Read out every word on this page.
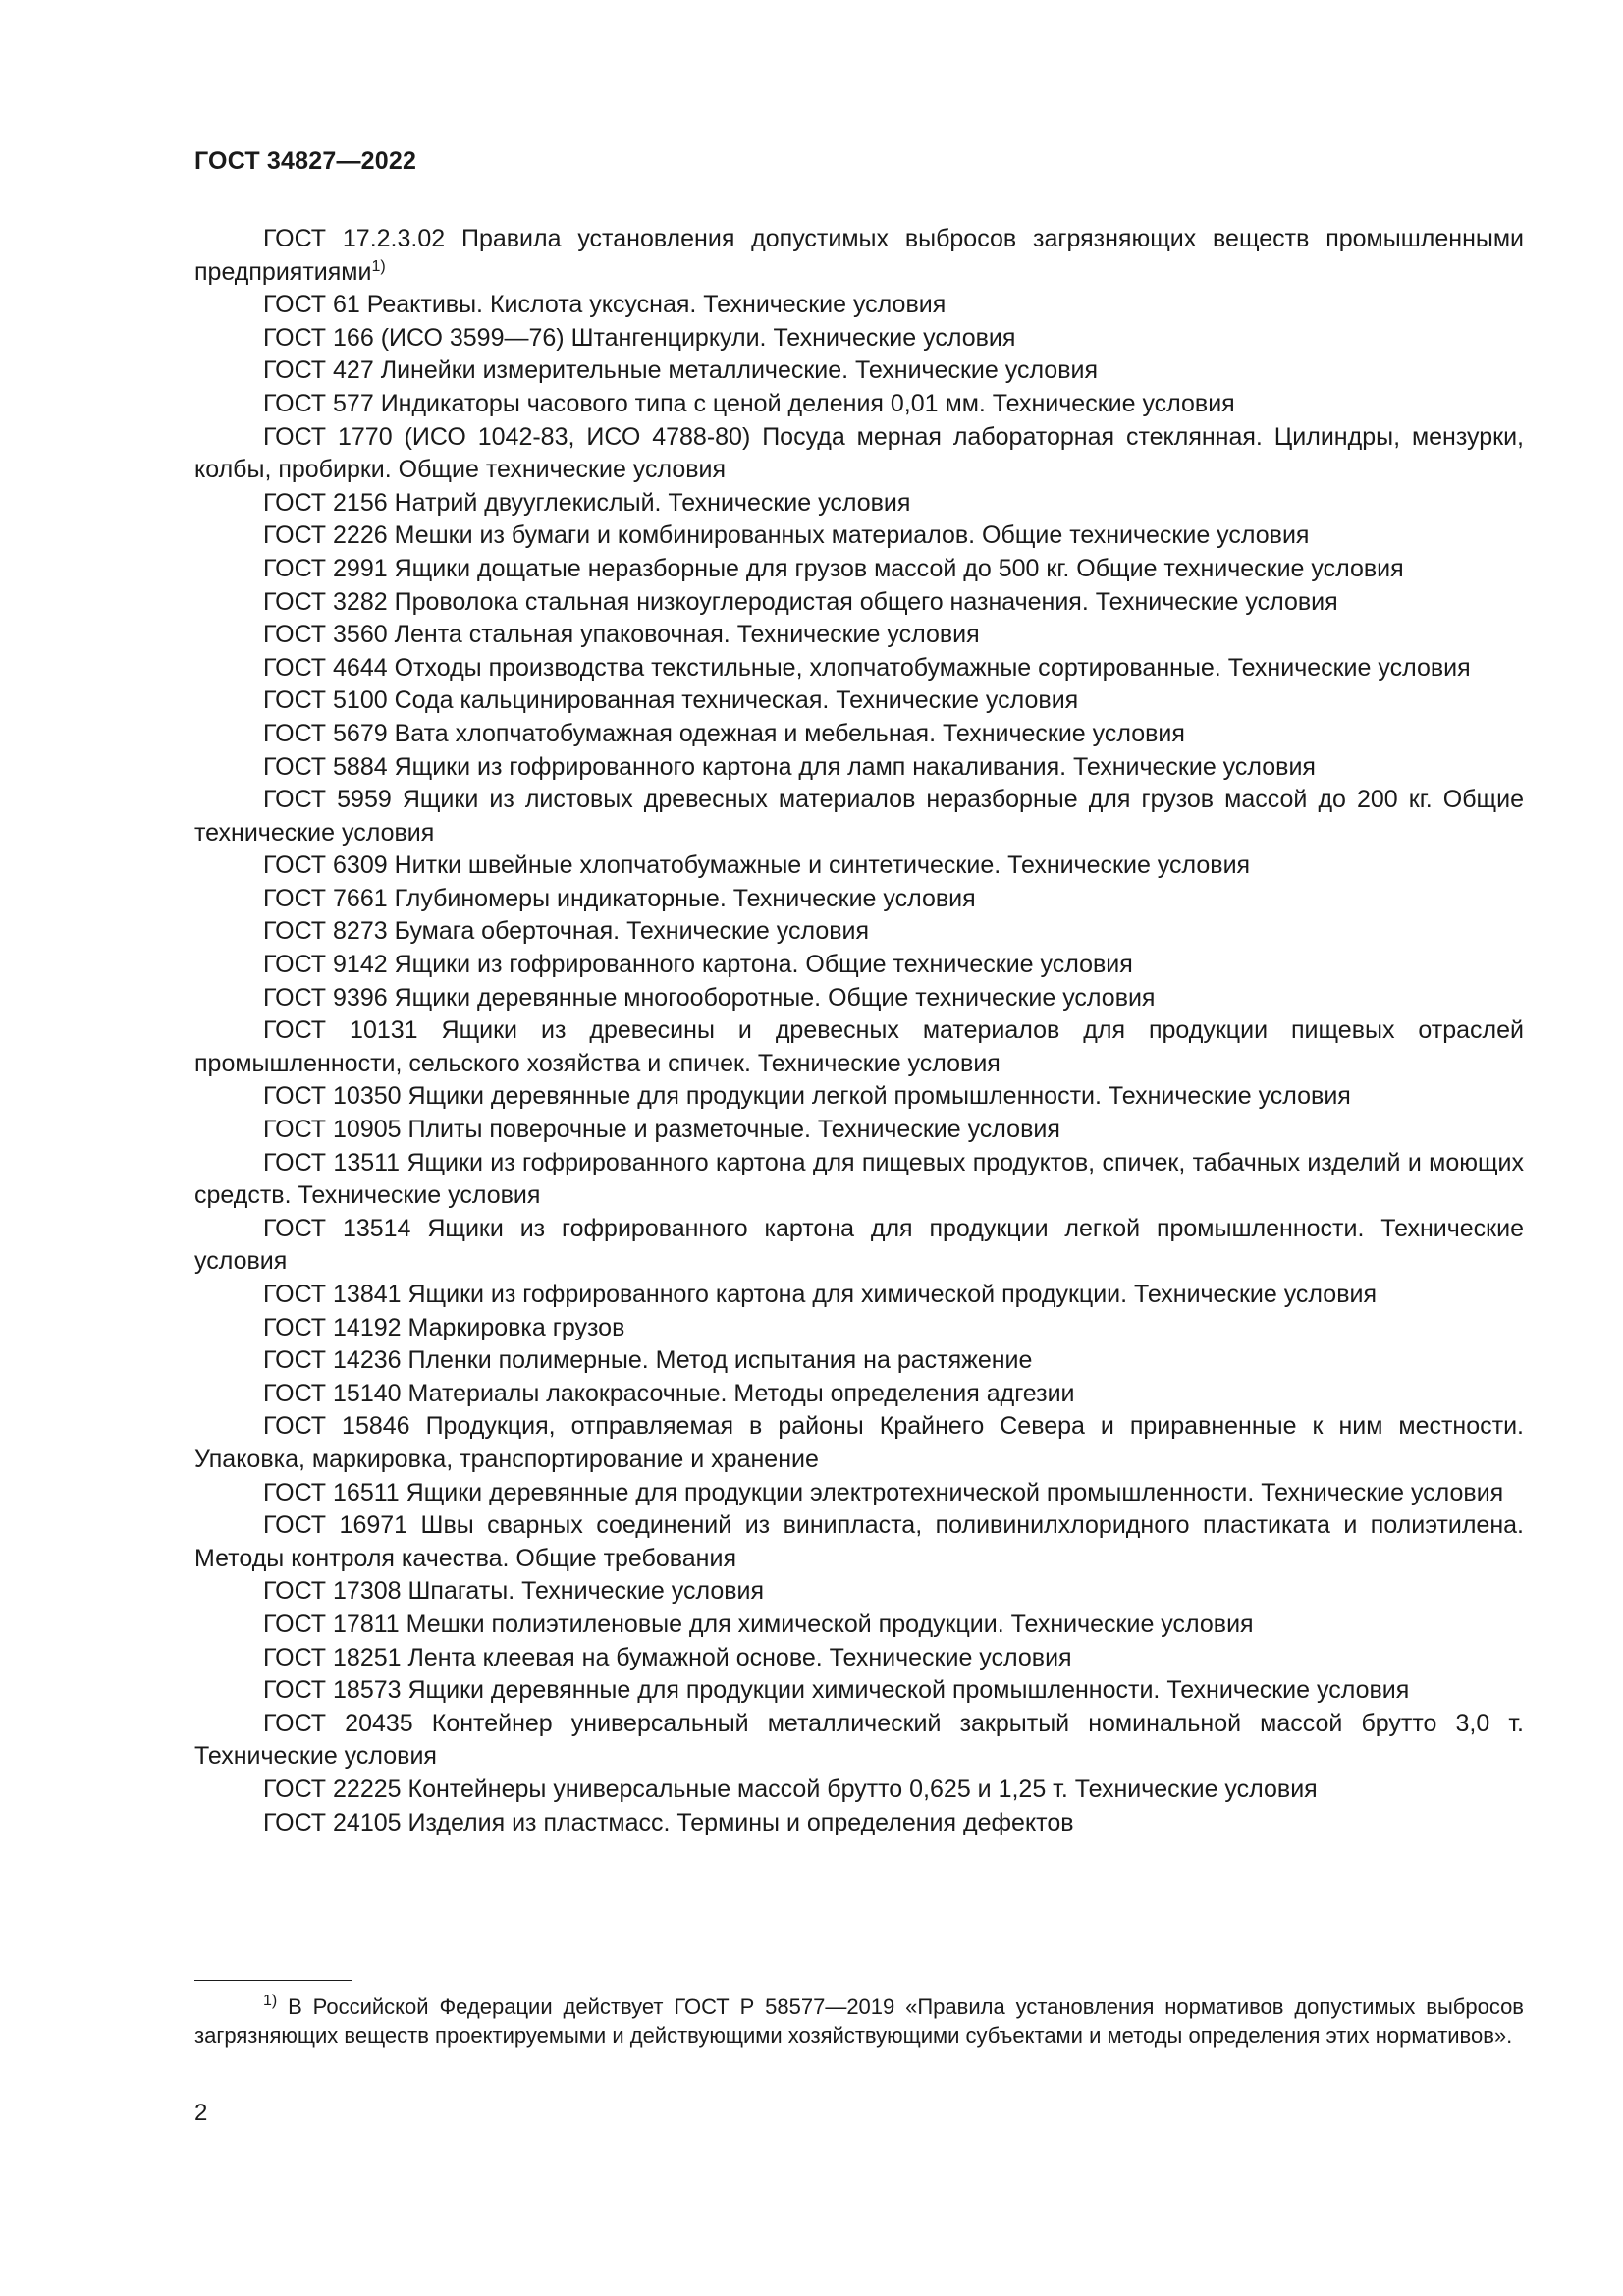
ГОСТ 34827—2022

ГОСТ 17.2.3.02 Правила установления допустимых выбросов загрязняющих веществ промышленными предприятиями$^{1)}$

ГОСТ 61 Реактивы. Кислота уксусная. Технические условия

ГОСТ 166 (ИСО 3599—76) Штангенциркули. Технические условия

ГОСТ 427 Линейки измерительные металлические. Технические условия

ГОСТ 577 Индикаторы часового типа с ценой деления 0,01 мм. Технические условия

ГОСТ 1770 (ИСО 1042-83, ИСО 4788-80) Посуда мерная лабораторная стеклянная. Цилиндры, мензурки, колбы, пробирки. Общие технические условия

ГОСТ 2156 Натрий двууглекислый. Технические условия

ГОСТ 2226 Мешки из бумаги и комбинированных материалов. Общие технические условия

ГОСТ 2991 Ящики дощатые неразборные для грузов массой до 500 кг. Общие технические условия

ГОСТ 3282 Проволока стальная низкоуглеродистая общего назначения. Технические условия

ГОСТ 3560 Лента стальная упаковочная. Технические условия

ГОСТ 4644 Отходы производства текстильные, хлопчатобумажные сортированные. Технические условия

ГОСТ 5100 Сода кальцинированная техническая. Технические условия

ГОСТ 5679 Вата хлопчатобумажная одежная и мебельная. Технические условия

ГОСТ 5884 Ящики из гофрированного картона для ламп накаливания. Технические условия

ГОСТ 5959 Ящики из листовых древесных материалов неразборные для грузов массой до 200 кг. Общие технические условия

ГОСТ 6309 Нитки швейные хлопчатобумажные и синтетические. Технические условия

ГОСТ 7661 Глубиномеры индикаторные. Технические условия

ГОСТ 8273 Бумага оберточная. Технические условия

ГОСТ 9142 Ящики из гофрированного картона. Общие технические условия

ГОСТ 9396 Ящики деревянные многооборотные. Общие технические условия

ГОСТ 10131 Ящики из древесины и древесных материалов для продукции пищевых отраслей промышленности, сельского хозяйства и спичек. Технические условия

ГОСТ 10350 Ящики деревянные для продукции легкой промышленности. Технические условия

ГОСТ 10905 Плиты поверочные и разметочные. Технические условия

ГОСТ 13511 Ящики из гофрированного картона для пищевых продуктов, спичек, табачных изделий и моющих средств. Технические условия

ГОСТ 13514 Ящики из гофрированного картона для продукции легкой промышленности. Технические условия

ГОСТ 13841 Ящики из гофрированного картона для химической продукции. Технические условия

ГОСТ 14192 Маркировка грузов

ГОСТ 14236 Пленки полимерные. Метод испытания на растяжение

ГОСТ 15140 Материалы лакокрасочные. Методы определения адгезии

ГОСТ 15846 Продукция, отправляемая в районы Крайнего Севера и приравненные к ним местности. Упаковка, маркировка, транспортирование и хранение

ГОСТ 16511 Ящики деревянные для продукции электротехнической промышленности. Технические условия

ГОСТ 16971 Швы сварных соединений из винипласта, поливинилхлоридного пластиката и полиэтилена. Методы контроля качества. Общие требования

ГОСТ 17308 Шпагаты. Технические условия

ГОСТ 17811 Мешки полиэтиленовые для химической продукции. Технические условия

ГОСТ 18251 Лента клеевая на бумажной основе. Технические условия

ГОСТ 18573 Ящики деревянные для продукции химической промышленности. Технические условия

ГОСТ 20435 Контейнер универсальный металлический закрытый номинальной массой брутто 3,0 т. Технические условия

ГОСТ 22225 Контейнеры универсальные массой брутто 0,625 и 1,25 т. Технические условия

ГОСТ 24105 Изделия из пластмасс. Термины и определения дефектов

$^{1)}$ В Российской Федерации действует ГОСТ Р 58577—2019 «Правила установления нормативов допустимых выбросов загрязняющих веществ проектируемыми и действующими хозяйствующими субъектами и методы определения этих нормативов».

2
